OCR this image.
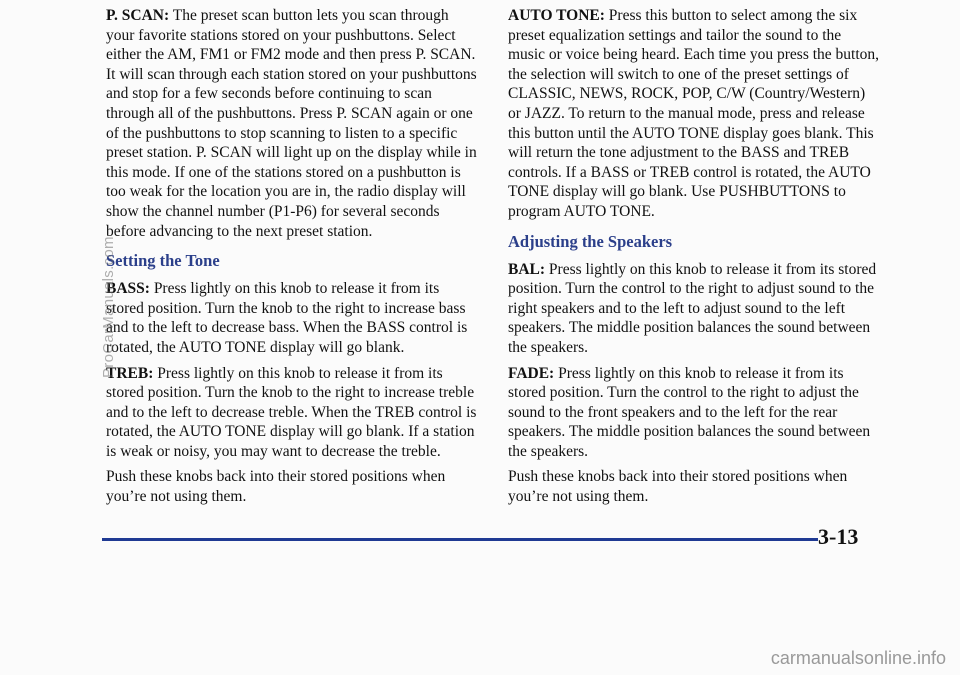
P. SCAN: The preset scan button lets you scan through your favorite stations stored on your pushbuttons. Select either the AM, FM1 or FM2 mode and then press P. SCAN. It will scan through each station stored on your pushbuttons and stop for a few seconds before continuing to scan through all of the pushbuttons. Press P. SCAN again or one of the pushbuttons to stop scanning to listen to a specific preset station. P. SCAN will light up on the display while in this mode. If one of the stations stored on a pushbutton is too weak for the location you are in, the radio display will show the channel number (P1-P6) for several seconds before advancing to the next preset station.

Setting the Tone

BASS: Press lightly on this knob to release it from its stored position. Turn the knob to the right to increase bass and to the left to decrease bass. When the BASS control is rotated, the AUTO TONE display will go blank.

TREB: Press lightly on this knob to release it from its stored position. Turn the knob to the right to increase treble and to the left to decrease treble. When the TREB control is rotated, the AUTO TONE display will go blank. If a station is weak or noisy, you may want to decrease the treble.

Push these knobs back into their stored positions when you’re not using them.

AUTO TONE: Press this button to select among the six preset equalization settings and tailor the sound to the music or voice being heard. Each time you press the button, the selection will switch to one of the preset settings of CLASSIC, NEWS, ROCK, POP, C/W (Country/Western) or JAZZ. To return to the manual mode, press and release this button until the AUTO TONE display goes blank. This will return the tone adjustment to the BASS and TREB controls. If a BASS or TREB control is rotated, the AUTO TONE display will go blank. Use PUSHBUTTONS to program AUTO TONE.

Adjusting the Speakers

BAL: Press lightly on this knob to release it from its stored position. Turn the control to the right to adjust sound to the right speakers and to the left to adjust sound to the left speakers. The middle position balances the sound between the speakers.

FADE: Press lightly on this knob to release it from its stored position. Turn the control to the right to adjust the sound to the front speakers and to the left for the rear speakers. The middle position balances the sound between the speakers.

Push these knobs back into their stored positions when you’re not using them.

3-13
ProCarManuals.com
carmanualsonline.info
